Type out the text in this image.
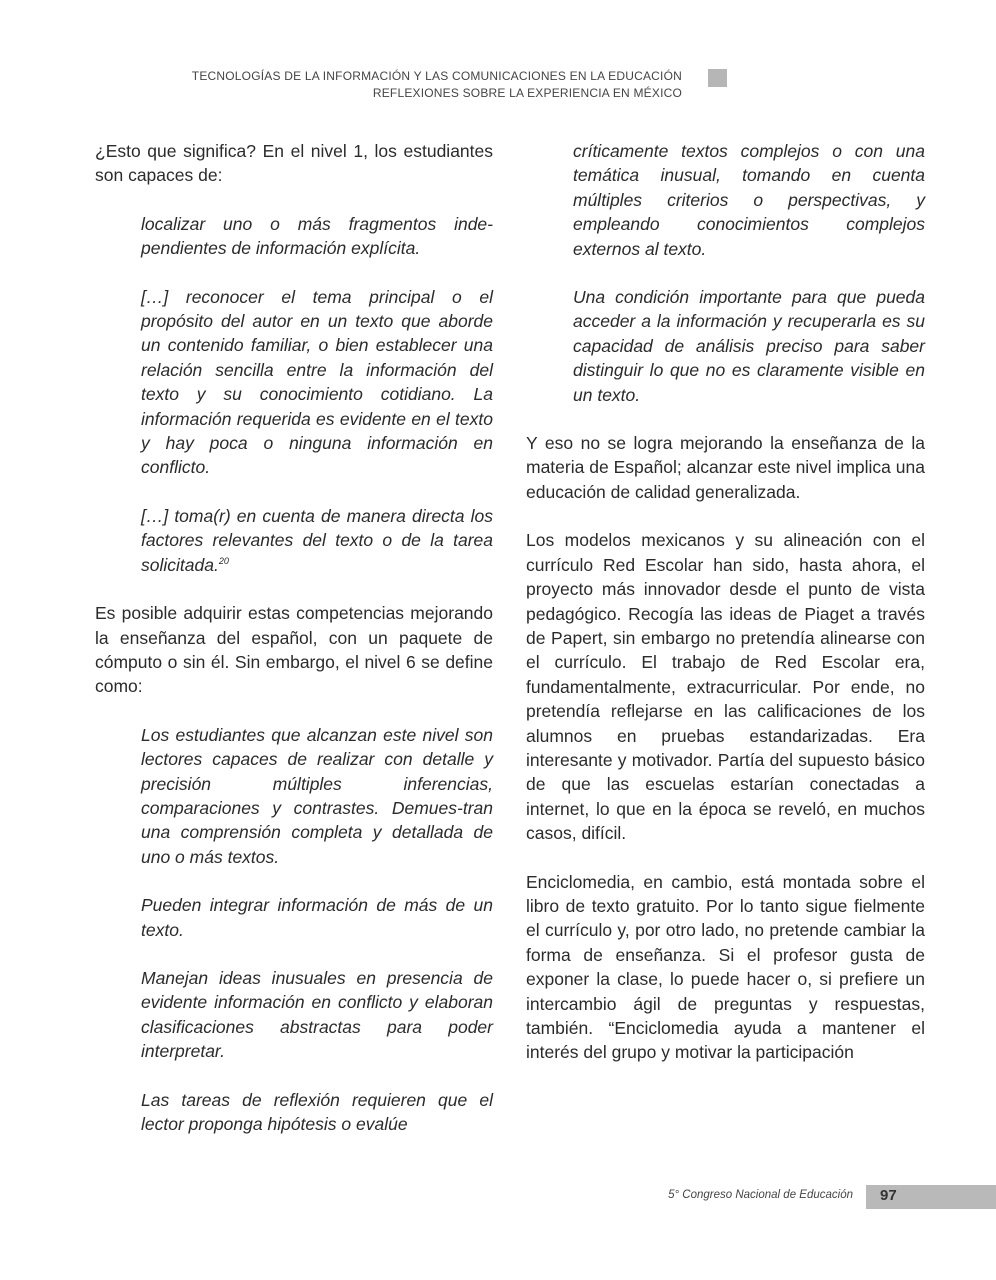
TECNOLOGÍAS DE LA INFORMACIÓN Y LAS COMUNICACIONES EN LA EDUCACIÓN
REFLEXIONES SOBRE LA EXPERIENCIA EN MÉXICO

¿Esto que significa? En el nivel 1, los estudiantes son capaces de:

localizar uno o más fragmentos inde-pendientes de información explícita.

[…] reconocer el tema principal o el propósito del autor en un texto que aborde un contenido familiar, o bien establecer una relación sencilla entre la información del texto y su conocimiento cotidiano. La información requerida es evidente en el texto y hay poca o ninguna información en conflicto.

[…] toma(r) en cuenta de manera directa los factores relevantes del texto o de la tarea solicitada.$^{20}$

Es posible adquirir estas competencias mejorando la enseñanza del español, con un paquete de cómputo o sin él. Sin embargo, el nivel 6 se define como:

Los estudiantes que alcanzan este nivel son lectores capaces de realizar con detalle y precisión múltiples inferencias, comparaciones y contrastes. Demues-tran una comprensión completa y detallada de uno o más textos.

Pueden integrar información de más de un texto.

Manejan ideas inusuales en presencia de evidente información en conflicto y elaboran clasificaciones abstractas para poder interpretar.

Las tareas de reflexión requieren que el lector proponga hipótesis o evalúe

críticamente textos complejos o con una temática inusual, tomando en cuenta múltiples criterios o perspectivas, y empleando conocimientos complejos externos al texto.

Una condición importante para que pueda acceder a la información y recuperarla es su capacidad de análisis preciso para saber distinguir lo que no es claramente visible en un texto.

Y eso no se logra mejorando la enseñanza de la materia de Español; alcanzar este nivel implica una educación de calidad generalizada.

Los modelos mexicanos y su alineación con el currículo Red Escolar han sido, hasta ahora, el proyecto más innovador desde el punto de vista pedagógico. Recogía las ideas de Piaget a través de Papert, sin embargo no pretendía alinearse con el currículo. El trabajo de Red Escolar era, fundamentalmente, extracurricular. Por ende, no pretendía reflejarse en las calificaciones de los alumnos en pruebas estandarizadas. Era interesante y motivador. Partía del supuesto básico de que las escuelas estarían conectadas a internet, lo que en la época se reveló, en muchos casos, difícil.

Enciclomedia, en cambio, está montada sobre el libro de texto gratuito. Por lo tanto sigue fielmente el currículo y, por otro lado, no pretende cambiar la forma de enseñanza. Si el profesor gusta de exponer la clase, lo puede hacer o, si prefiere un intercambio ágil de preguntas y respuestas, también. “Enciclomedia ayuda a mantener el interés del grupo y motivar la participación

5° Congreso Nacional de Educación 97
